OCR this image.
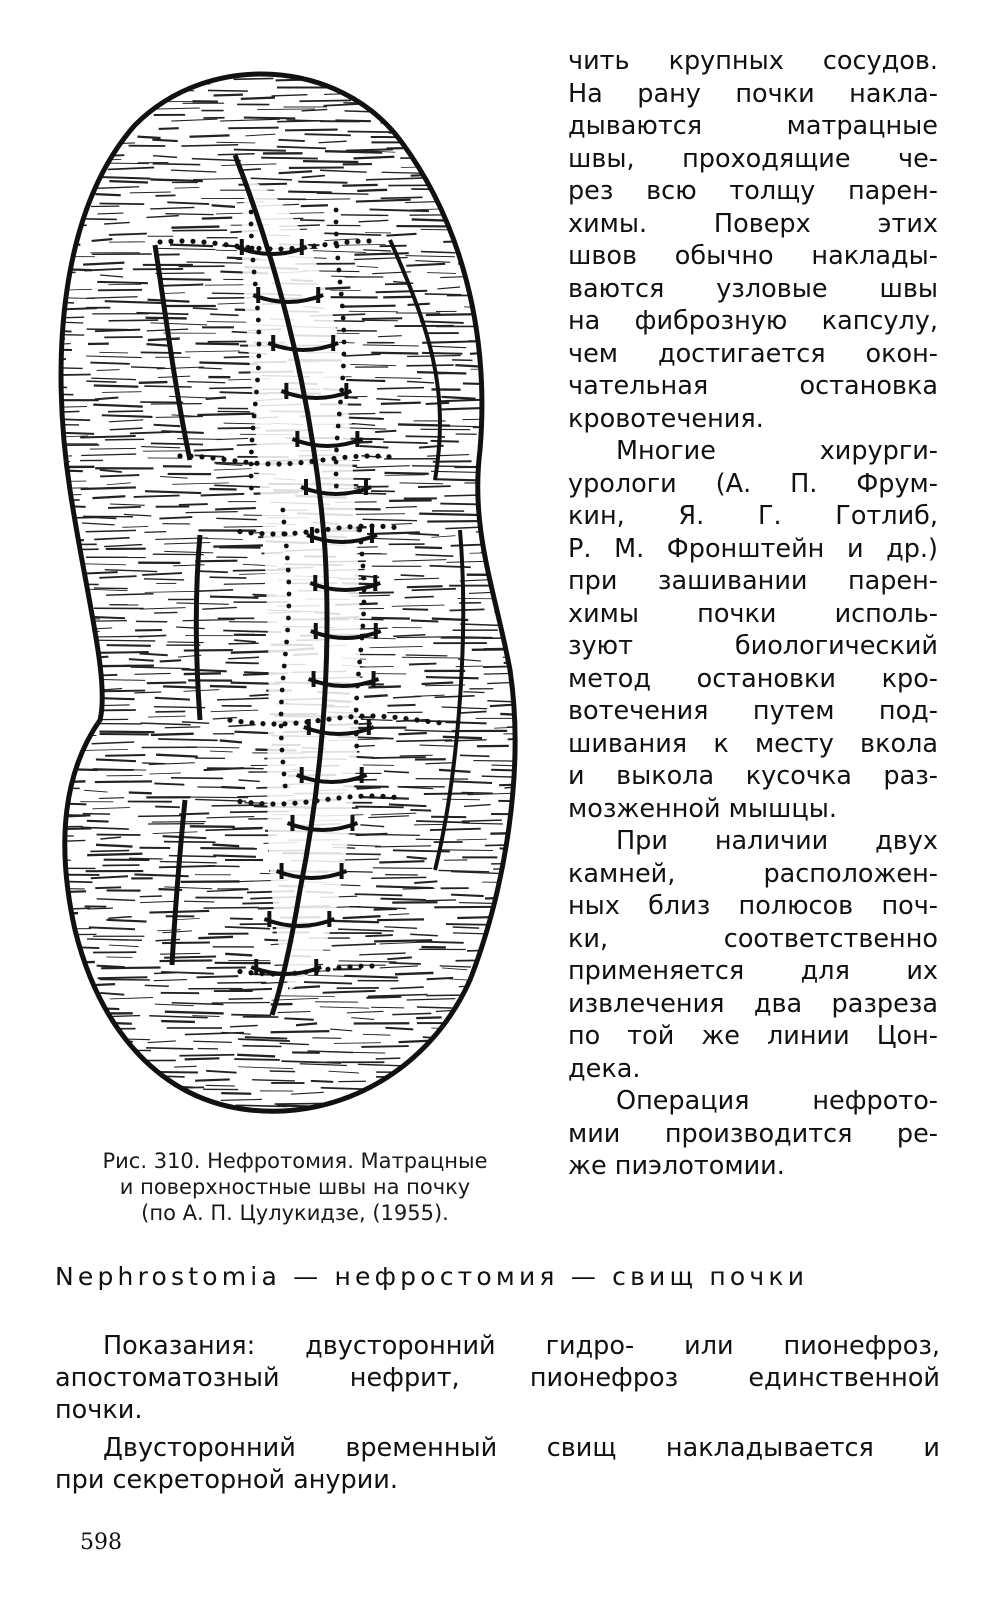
Рис. 310. Нефротомия. Матрацные
и поверхностные швы на почку
(по А. П. Цулукидзе, (1955).
чить крупных сосудов.
На рану почки накла-
дываются матрацные
швы, проходящие че-
рез всю толщу парен-
химы. Поверх этих
швов обычно наклады-
ваются узловые швы
на фиброзную капсулу,
чем достигается окон-
чательная остановка
кровотечения.
Многие хирурги-
урологи (А. П. Фрум-
кин, Я. Г. Готлиб,
Р. М. Фронштейн и др.)
при зашивании парен-
химы почки исполь-
зуют биологический
метод остановки кро-
вотечения путем под-
шивания к месту вкола
и выкола кусочка раз-
мозженной мышцы.
При наличии двух
камней, расположен-
ных близ полюсов поч-
ки, соответственно
применяется для их
извлечения два разреза
по той же линии Цон-
дека.
Операция нефрото-
мии производится ре-
же пиэлотомии.
Nephrostomia — нефростомия — свищ почки
Показания: двусторонний гидро- или пионефроз,
апостоматозный нефрит, пионефроз единственной
почки.
Двусторонний временный свищ накладывается и
при секреторной анурии.
598
